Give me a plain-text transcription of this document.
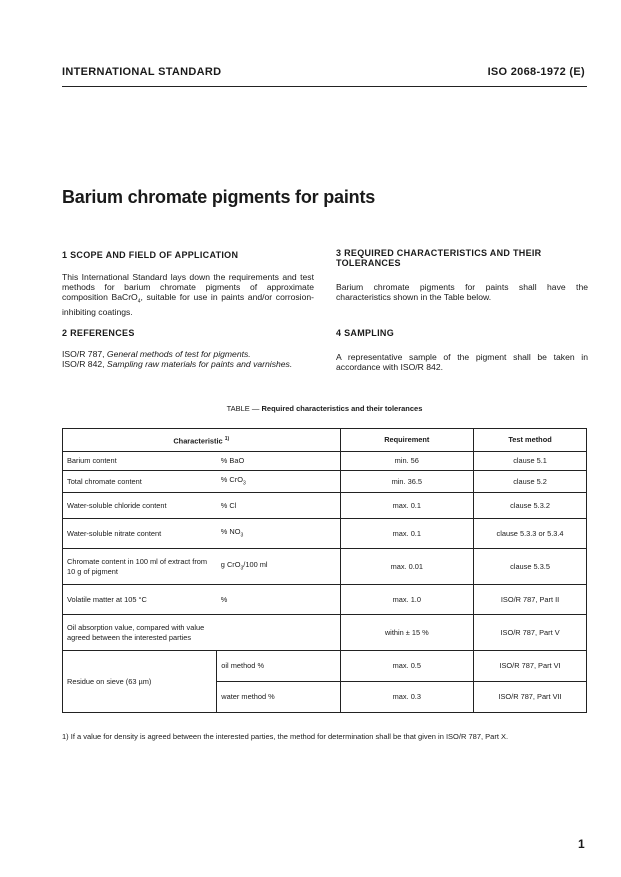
INTERNATIONAL STANDARD	ISO 2068-1972 (E)
Barium chromate pigments for paints

1 SCOPE AND FIELD OF APPLICATION

This International Standard lays down the requirements and test methods for barium chromate pigments of approximate composition BaCrO$_4$, suitable for use in paints and/or corrosion-inhibiting coatings.

2 REFERENCES

ISO/R 787, General methods of test for pigments.

ISO/R 842, Sampling raw materials for paints and varnishes.

3 REQUIRED CHARACTERISTICS AND THEIR TOLERANCES

Barium chromate pigments for paints shall have the characteristics shown in the Table below.

4 SAMPLING

A representative sample of the pigment shall be taken in accordance with ISO/R 842.

TABLE — Required characteristics and their tolerances
Characteristic $^{1)}$		Requirement	Test method
Barium content	% BaO	min. 56	clause 5.1
Total chromate content	% CrO$_3$	min. 36.5	clause 5.2
Water-soluble chloride content	% Cl	max. 0.1	clause 5.3.2
Water-soluble nitrate content	% $NO_3$	max. 0.1	clause 5.3.3 or 5.3.4
Chromate content in 100 ml of extract from 10 g of pigment	g CrO$_3$/100 ml	max. 0.01	clause 5.3.5
Volatile matter at 105 °C	%	max. 1.0	ISO/R 787, Part II
Oil absorption value, compared with value agreed between the interested parties		within ± 15 %	ISO/R 787, Part V
Residue on sieve (63 µm)	oil method %	max. 0.5	ISO/R 787, Part VI
	water method %	max. 0.3	ISO/R 787, Part VII
1) If a value for density is agreed between the interested parties, the method for determination shall be that given in ISO/R 787, Part X.
1
